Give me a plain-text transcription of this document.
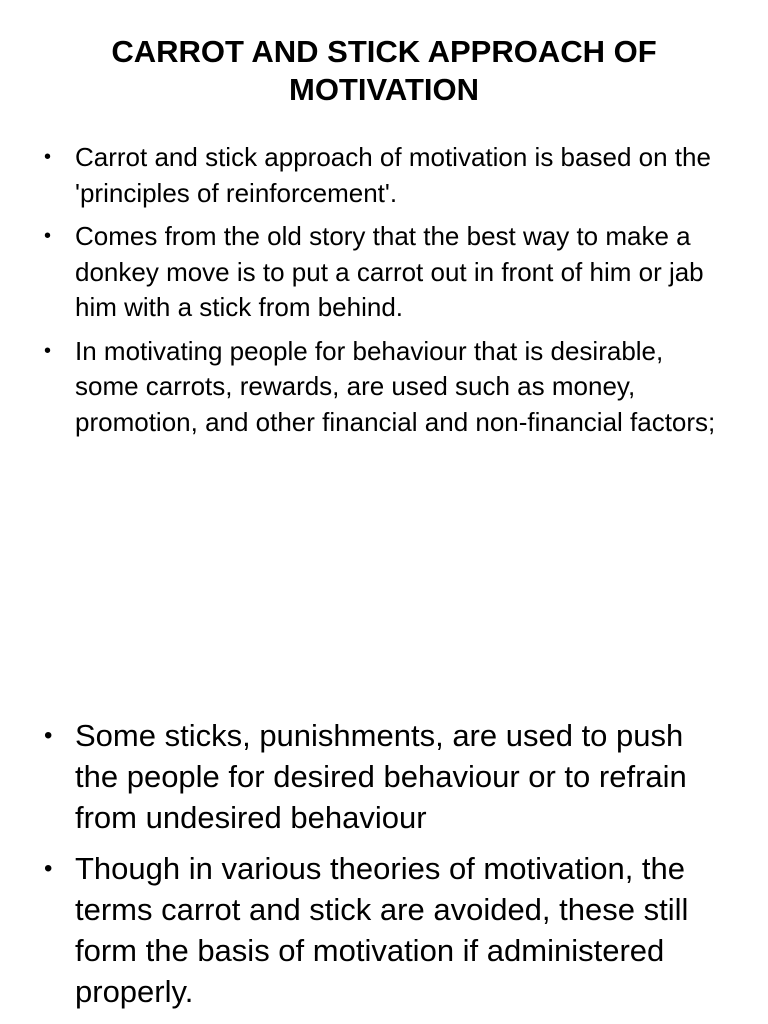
CARROT AND STICK APPROACH OF MOTIVATION
• Carrot and stick approach of motivation is based on the 'principles of reinforcement'.
• Comes from the old story that the best way to make a donkey move is to put a carrot out in front of him or jab him with a stick from behind.
• In motivating people for behaviour that is desirable, some carrots, rewards, are used such as money, promotion, and other financial and non-financial factors;
• Some sticks, punishments, are used to push the people for desired behaviour or to refrain from undesired behaviour
• Though in various theories of motivation, the terms carrot and stick are avoided, these still form the basis of motivation if administered properly.
